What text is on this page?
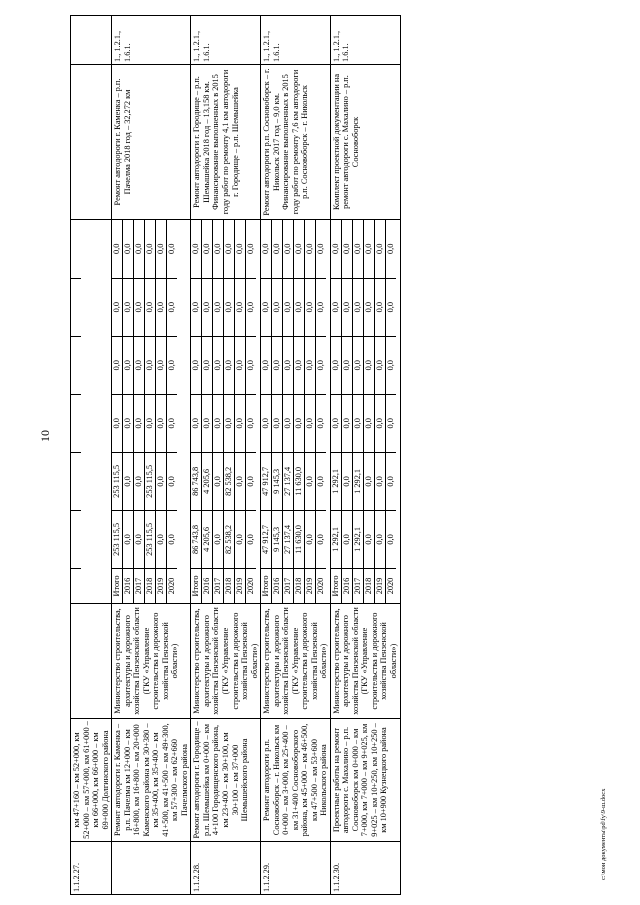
10
1.1.2.27.	км 47+160 – км 52+000, км 52+000 – км 57+000, км 61+000 – км 66+000, км 66+000 – км 69+000 Долгинского района		

	Ремонт автодороги г. Каменка – р.п. Пачелма км 12+000 – км 16+800, км 16+800 – км 20+000 Каменского района км 30+380 – км 35+400, км 35+400 – км 41+500, км 41+500 – км 49+300, км 57+300 – км 62+660 Пачелмского района	Министерство строительства, архитектуры и дорожного хозяйства Пензенской области (ГКУ «Управление строительства и дорожного хозяйства Пензенской области»)	
Итого	253 115,5	253 115,5	0,0	0,0	0,0	0,0
2016	0,0	0,0	0,0	0,0	0,0	0,0
2017	0,0	0,0	0,0	0,0	0,0	0,0
2018	253 115,5	253 115,5	0,0	0,0	0,0	0,0
2019	0,0	0,0	0,0	0,0	0,0	0,0
2020	0,0	0,0	0,0	0,0	0,0	0,0
	Ремонт автодороги г. Каменка – р.п. Пачелма 2018 год – 32,272 км	1., 1.2.1., 1.6.1.
1.1.2.28.	Ремонт автодороги г. Городище – р.п. Шемышейка км 0+000 – км 4+100 Городищенского района, км 23+400 – км 30+100, км 30+100 – км 37+000 Шемышейского района	Министерство строительства, архитектуры и дорожного хозяйства Пензенской области (ГКУ «Управление строительства и дорожного хозяйства Пензенской области»)	
Итого	86 743,8	86 743,8	0,0	0,0	0,0	0,0
2016	4 205,6	4 205,6	0,0	0,0	0,0	0,0
2017	0,0	0,0	0,0	0,0	0,0	0,0
2018	82 538,2	82 538,2	0,0	0,0	0,0	0,0
2019	0,0	0,0	0,0	0,0	0,0	0,0
2020	0,0	0,0	0,0	0,0	0,0	0,0
	Ремонт автодороги г. Городище – р.п. Шемышейка 2018 год – 13,158 км. Финансирование выполненных в 2015 году работ по ремонту 4,1 км автодороги г. Городище – р.п. Шемышейка	1., 1.2.1., 1.6.1.
1.1.2.29.	Ремонт автодороги р.п. Сосновоборск – г. Никольск км 0+000 – км 3+000, км 25+400 – км 31+400 Сосновоборского района, км 45+000 – км 46+500, км 47+500 – км 53+600 Никольского района	Министерство строительства, архитектуры и дорожного хозяйства Пензенской области (ГКУ «Управление строительства и дорожного хозяйства Пензенской области»)	
Итого	47 912,7	47 912,7	0,0	0,0	0,0	0,0
2016	9 145,3	9 145,3	0,0	0,0	0,0	0,0
2017	27 137,4	27 137,4	0,0	0,0	0,0	0,0
2018	11 630,0	11 630,0	0,0	0,0	0,0	0,0
2019	0,0	0,0	0,0	0,0	0,0	0,0
2020	0,0	0,0	0,0	0,0	0,0	0,0
	Ремонт автодороги р.п. Сосновоборск – г. Никольск 2017 год – 9,0 км. Финансирование выполненных в 2015 году работ по ремонту 7,6 км автодороги р.п. Сосновоборск – г. Никольск	1., 1.2.1., 1.6.1.
1.1.2.30.	Проектные работы на ремонт автодороги с. Махалино – р.п. Сосновоборск км 0+000 – км 7+000, км 7+000 – км 9+025, км 9+025 – км 10+250, км 10+250 – км 10+900 Кузнецкого района	Министерство строительства, архитектуры и дорожного хозяйства Пензенской области (ГКУ «Управление строительства и дорожного хозяйства Пензенской области»)	
Итого	1 292,1	1 292,1	0,0	0,0	0,0	0,0
2016	0,0	0,0	0,0	0,0	0,0	0,0
2017	1 292,1	1 292,1	0,0	0,0	0,0	0,0
2018	0,0	0,0	0,0	0,0	0,0	0,0
2019	0,0	0,0	0,0	0,0	0,0	0,0
2020	0,0	0,0	0,0	0,0	0,0	0,0
	Комплект проектной документации на ремонт автодороги с. Махалино – р.п. Сосновоборск	1., 1.2.1., 1.6.1.
c:\мои документы\pd\fy\9-ш.docx
